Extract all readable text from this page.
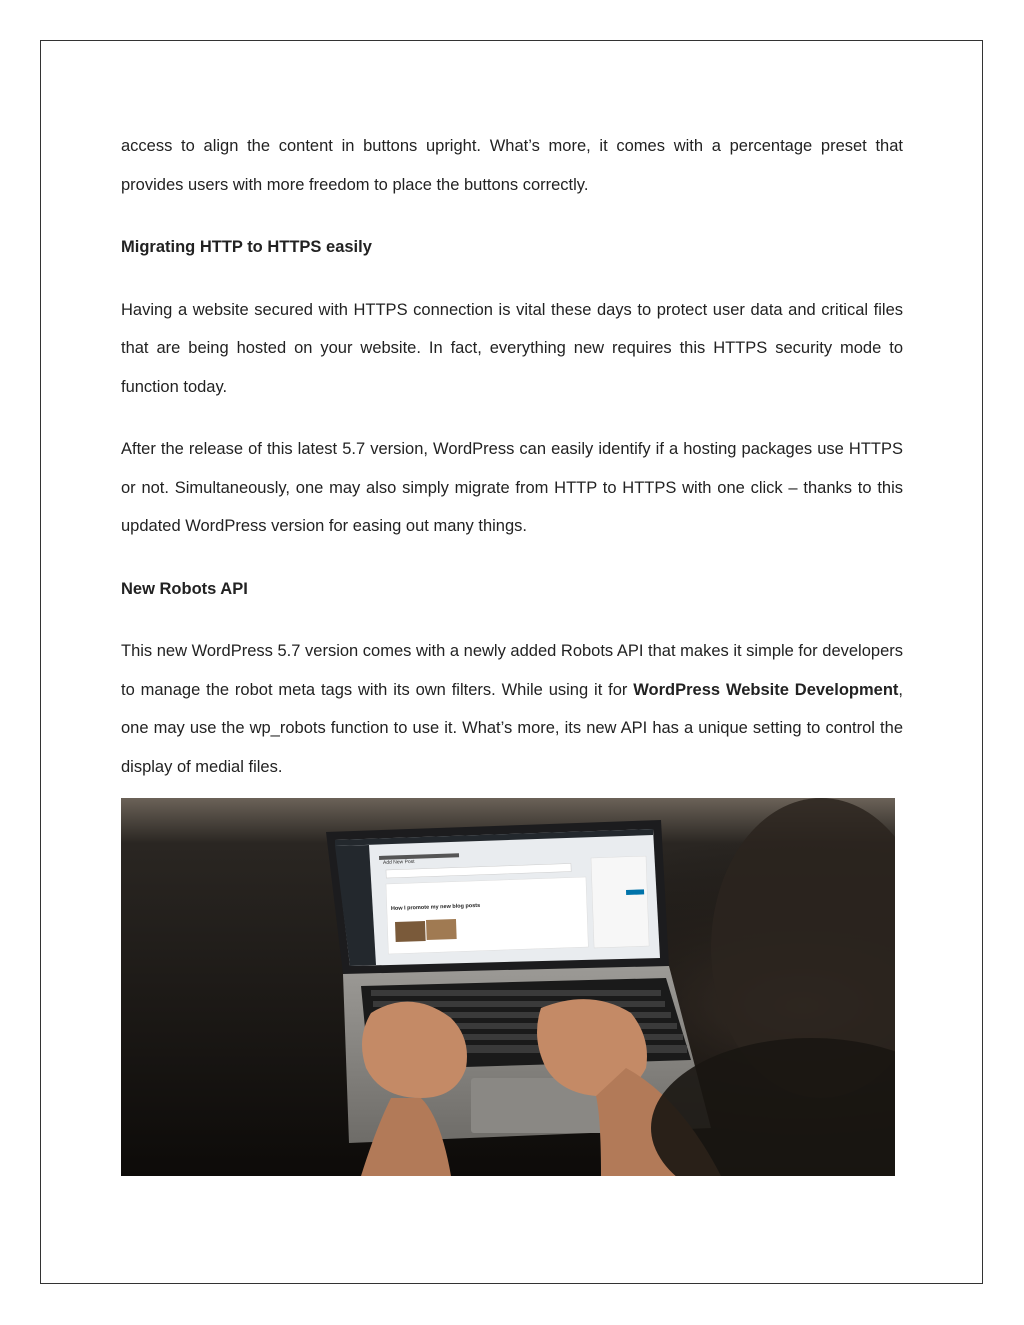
access to align the content in buttons upright. What’s more, it comes with a percentage preset that provides users with more freedom to place the buttons correctly.

Migrating HTTP to HTTPS easily

Having a website secured with HTTPS connection is vital these days to protect user data and critical files that are being hosted on your website. In fact, everything new requires this HTTPS security mode to function today.

After the release of this latest 5.7 version, WordPress can easily identify if a hosting packages use HTTPS or not. Simultaneously, one may also simply migrate from HTTP to HTTPS with one click – thanks to this updated WordPress version for easing out many things.

New Robots API

This new WordPress 5.7 version comes with a newly added Robots API that makes it simple for developers to manage the robot meta tags with its own filters. While using it for WordPress Website Development, one may use the wp_robots function to use it. What’s more, its new API has a unique setting to control the display of medial files.

Add New Post
How I promote my new blog posts
